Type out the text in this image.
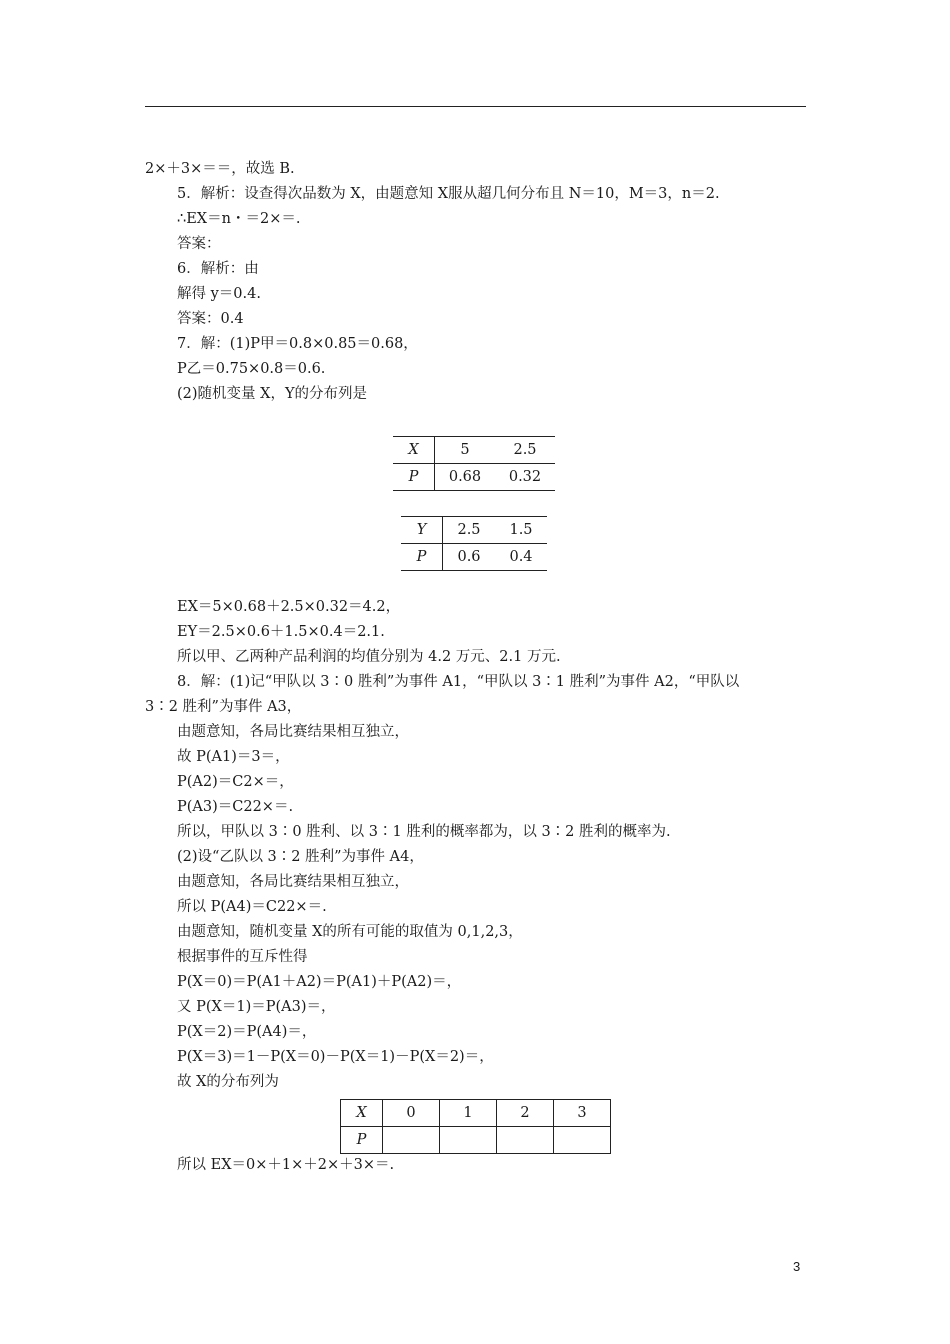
2×＋3×＝＝，故选 B.
5．解析：设查得次品数为 X，由题意知 X服从超几何分布且 N＝10，M＝3，n＝2.
∴EX＝n・＝2×＝.
答案：
6．解析：由
解得 y＝0.4.
答案：0.4
7．解：(1)P甲＝0.8×0.85＝0.68，
P乙＝0.75×0.8＝0.6.
(2)随机变量 X，Y的分布列是
X	5	2.5
P	0.68	0.32
Y	2.5	1.5
P	0.6	0.4
EX＝5×0.68＋2.5×0.32＝4.2，
EY＝2.5×0.6＋1.5×0.4＝2.1.
所以甲、乙两种产品利润的均值分别为 4.2 万元、2.1 万元.
8．解：(1)记“甲队以 3∶0 胜利”为事件 A1，“甲队以 3∶1 胜利”为事件 A2，“甲队以
3∶2 胜利”为事件 A3，
由题意知，各局比赛结果相互独立，
故 P(A1)＝3＝，
P(A2)＝C2×＝，
P(A3)＝C22×＝.
所以，甲队以 3∶0 胜利、以 3∶1 胜利的概率都为，以 3∶2 胜利的概率为.
(2)设“乙队以 3∶2 胜利”为事件 A4，
由题意知，各局比赛结果相互独立，
所以 P(A4)＝C22×＝.
由题意知，随机变量 X的所有可能的取值为 0,1,2,3，
根据事件的互斥性得
P(X＝0)＝P(A1＋A2)＝P(A1)＋P(A2)＝，
又 P(X＝1)＝P(A3)＝，
P(X＝2)＝P(A4)＝，
P(X＝3)＝1－P(X＝0)－P(X＝1)－P(X＝2)＝，
故 X的分布列为
X	0	1	2	3
P				
所以 EX＝0×＋1×＋2×＋3×＝.
3
